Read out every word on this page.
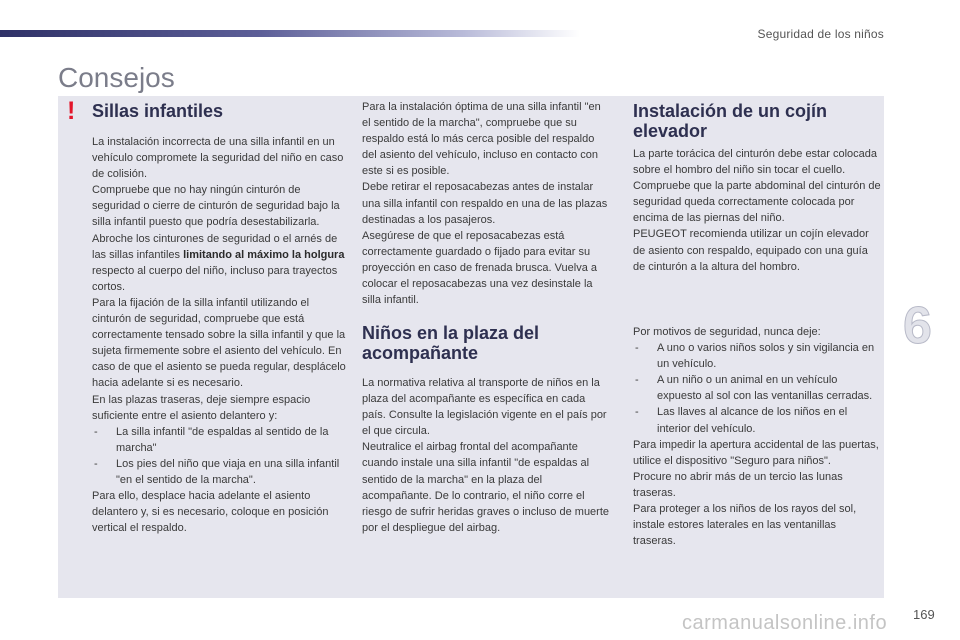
Seguridad de los niños
Consejos
! Sillas infantiles

La instalación incorrecta de una silla infantil en un vehículo compromete la seguridad del niño en caso de colisión.

Compruebe que no hay ningún cinturón de seguridad o cierre de cinturón de seguridad bajo la silla infantil puesto que podría desestabilizarla.

Abroche los cinturones de seguridad o el arnés de las sillas infantiles limitando al máximo la holgura respecto al cuerpo del niño, incluso para trayectos cortos.

Para la fijación de la silla infantil utilizando el cinturón de seguridad, compruebe que está correctamente tensado sobre la silla infantil y que la sujeta firmemente sobre el asiento del vehículo. En caso de que el asiento se pueda regular, desplácelo hacia adelante si es necesario.

En las plazas traseras, deje siempre espacio suficiente entre el asiento delantero y:

- La silla infantil "de espaldas al sentido de la marcha"

- Los pies del niño que viaja en una silla infantil "en el sentido de la marcha".

Para ello, desplace hacia adelante el asiento delantero y, si es necesario, coloque en posición vertical el respaldo.

Para la instalación óptima de una silla infantil "en el sentido de la marcha", compruebe que su respaldo está lo más cerca posible del respaldo del asiento del vehículo, incluso en contacto con este si es posible.

Debe retirar el reposacabezas antes de instalar una silla infantil con respaldo en una de las plazas destinadas a los pasajeros.

Asegúrese de que el reposacabezas está correctamente guardado o fijado para evitar su proyección en caso de frenada brusca. Vuelva a colocar el reposacabezas una vez desinstale la silla infantil.

Niños en la plaza del acompañante

La normativa relativa al transporte de niños en la plaza del acompañante es específica en cada país. Consulte la legislación vigente en el país por el que circula.

Neutralice el airbag frontal del acompañante cuando instale una silla infantil "de espaldas al sentido de la marcha" en la plaza del acompañante. De lo contrario, el niño corre el riesgo de sufrir heridas graves o incluso de muerte por el despliegue del airbag.

Instalación de un cojín elevador

La parte torácica del cinturón debe estar colocada sobre el hombro del niño sin tocar el cuello.

Compruebe que la parte abdominal del cinturón de seguridad queda correctamente colocada por encima de las piernas del niño.

PEUGEOT recomienda utilizar un cojín elevador de asiento con respaldo, equipado con una guía de cinturón a la altura del hombro.

Por motivos de seguridad, nunca deje:

- A uno o varios niños solos y sin vigilancia en un vehículo.

- A un niño o un animal en un vehículo expuesto al sol con las ventanillas cerradas.

- Las llaves al alcance de los niños en el interior del vehículo.

Para impedir la apertura accidental de las puertas, utilice el dispositivo "Seguro para niños".

Procure no abrir más de un tercio las lunas traseras.

Para proteger a los niños de los rayos del sol, instale estores laterales en las ventanillas traseras.

6
169
carmanualsonline.info
